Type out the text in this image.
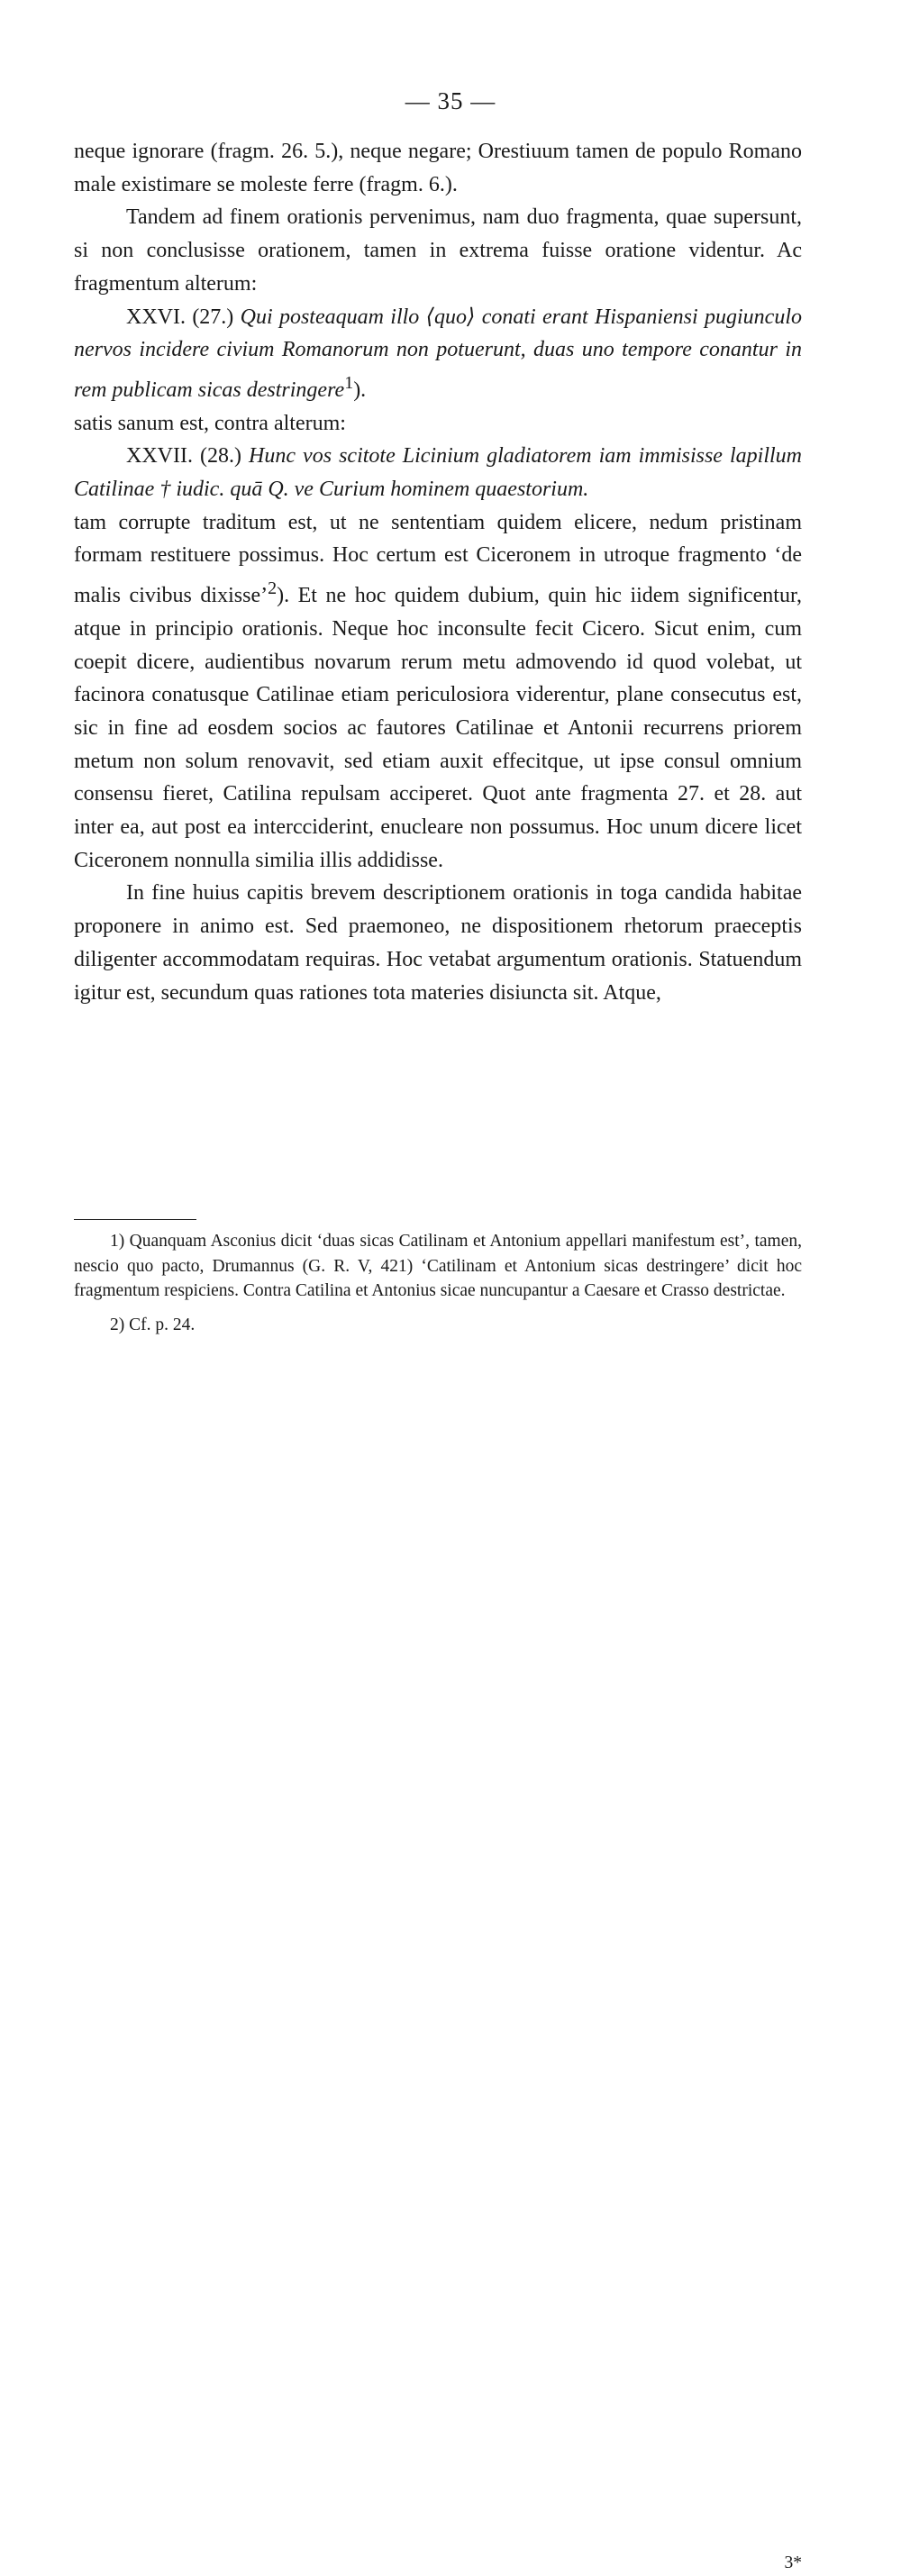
— 35 —

neque ignorare (fragm. 26. 5.), neque negare; Orestiuum tamen de populo Romano male existimare se moleste ferre (fragm. 6.).

Tandem ad finem orationis pervenimus, nam duo fragmenta, quae supersunt, si non conclusisse orationem, tamen in extrema fuisse oratione videntur. Ac fragmentum alterum:

XXVI. (27.) Qui posteaquam illo ⟨quo⟩ conati erant Hispaniensi pugiunculo nervos incidere civium Romanorum non potuerunt, duas uno tempore conantur in rem publicam sicas destringere$^1$).

satis sanum est, contra alterum:

XXVII. (28.) Hunc vos scitote Licinium gladiatorem iam immisisse lapillum Catilinae † iudic. quā Q. ve Curium hominem quaestorium.

tam corrupte traditum est, ut ne sententiam quidem elicere, nedum pristinam formam restituere possimus. Hoc certum est Ciceronem in utroque fragmento ‘de malis civibus dixisse’$^2$). Et ne hoc quidem dubium, quin hic iidem significentur, atque in principio orationis. Neque hoc inconsulte fecit Cicero. Sicut enim, cum coepit dicere, audientibus novarum rerum metu admovendo id quod volebat, ut facinora conatusque Catilinae etiam periculosiora viderentur, plane consecutus est, sic in fine ad eosdem socios ac fautores Catilinae et Antonii recurrens priorem metum non solum renovavit, sed etiam auxit effecitque, ut ipse consul omnium consensu fieret, Catilina repulsam acciperet. Quot ante fragmenta 27. et 28. aut inter ea, aut post ea intercciderint, enucleare non possumus. Hoc unum dicere licet Ciceronem nonnulla similia illis addidisse.

In fine huius capitis brevem descriptionem orationis in toga candida habitae proponere in animo est. Sed praemoneo, ne dispositionem rhetorum praeceptis diligenter accommodatam requiras. Hoc vetabat argumentum orationis. Statuendum igitur est, secundum quas rationes tota materies disiuncta sit. Atque,

1) Quanquam Asconius dicit ‘duas sicas Catilinam et Antonium appellari manifestum est’, tamen, nescio quo pacto, Drumannus (G. R. V, 421) ‘Catilinam et Antonium sicas destringere’ dicit hoc fragmentum respiciens. Contra Catilina et Antonius sicae nuncupantur a Caesare et Crasso destrictae.

2) Cf. p. 24.

3*
